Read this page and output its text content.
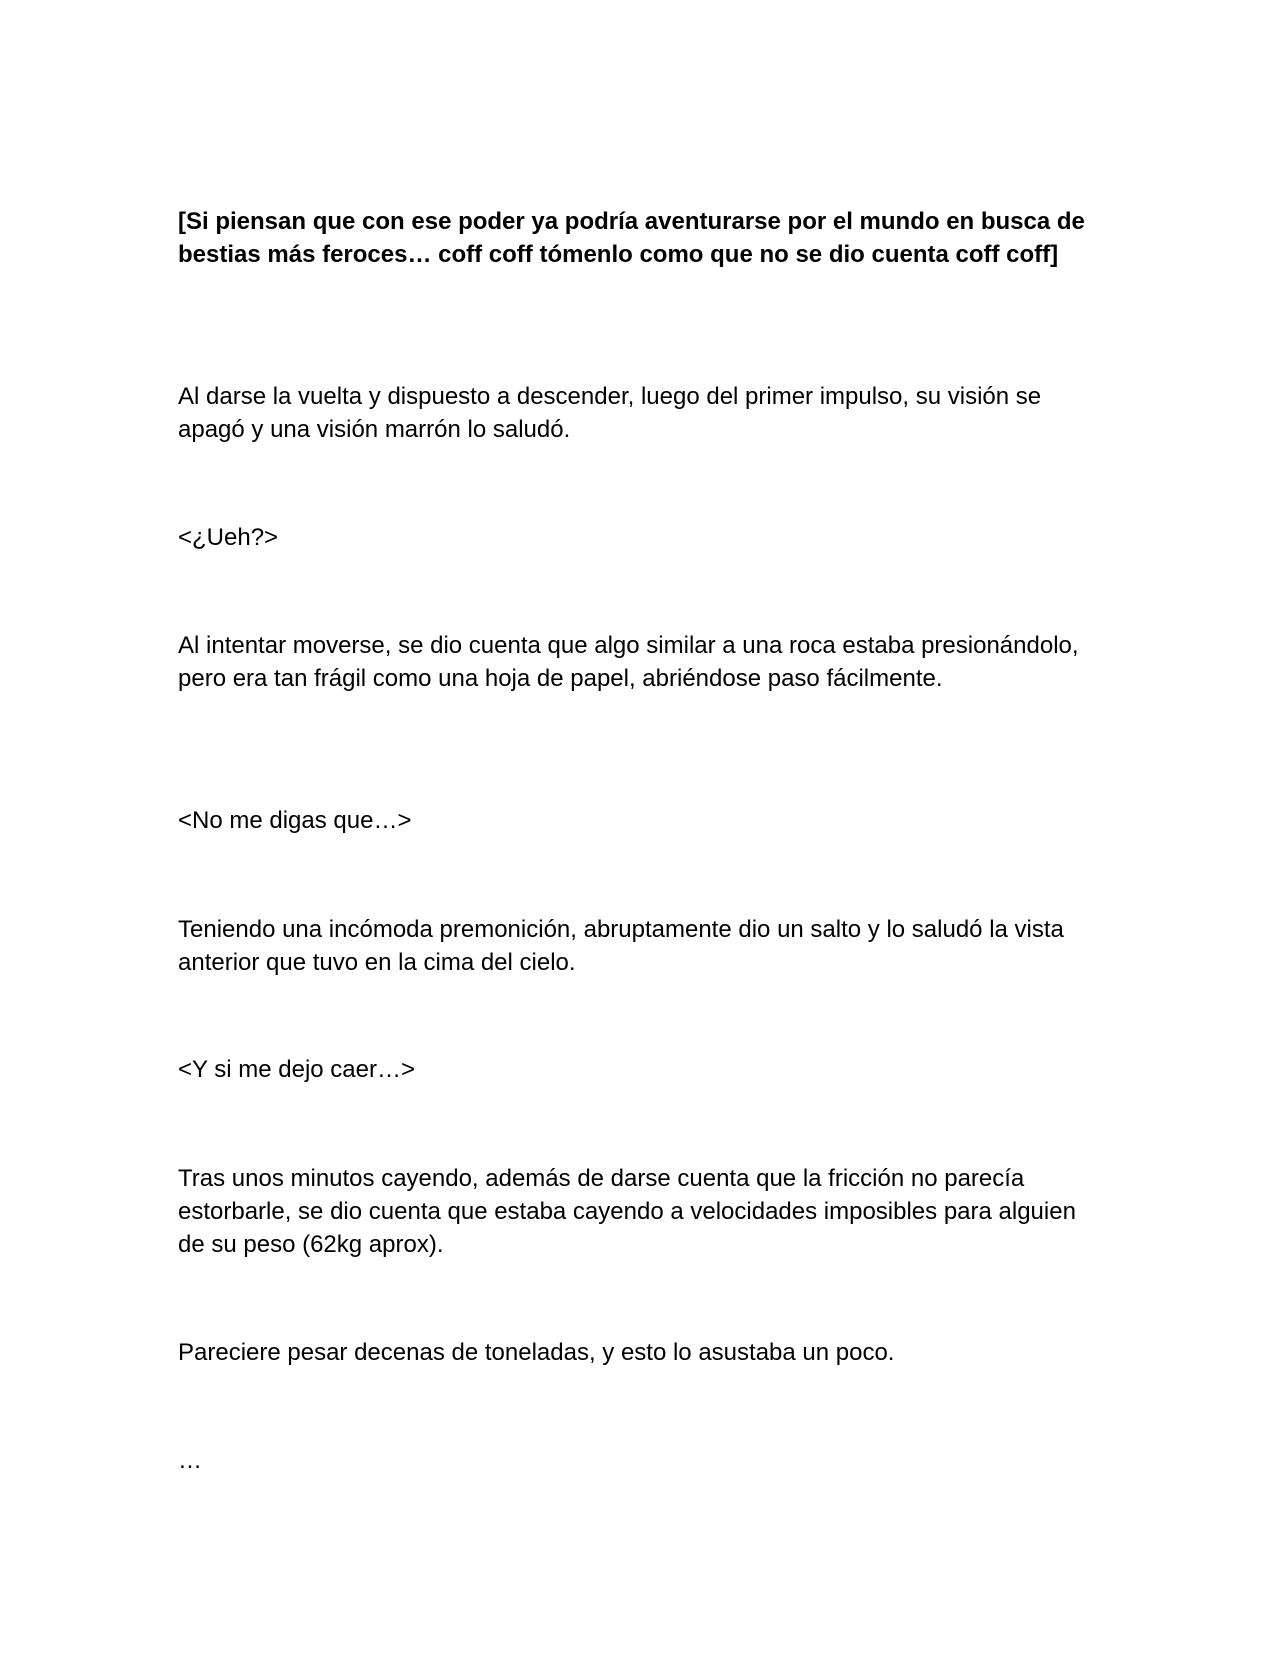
[Si piensan que con ese poder ya podría aventurarse por el mundo en busca de bestias más feroces… coff coff tómenlo como que no se dio cuenta coff coff]

Al darse la vuelta y dispuesto a descender, luego del primer impulso, su visión se apagó y una visión marrón lo saludó.

<¿Ueh?>

Al intentar moverse, se dio cuenta que algo similar a una roca estaba presionándolo, pero era tan frágil como una hoja de papel, abriéndose paso fácilmente.

<No me digas que…>

Teniendo una incómoda premonición, abruptamente dio un salto y lo saludó la vista anterior que tuvo en la cima del cielo.

<Y si me dejo caer…>

Tras unos minutos cayendo, además de darse cuenta que la fricción no parecía estorbarle, se dio cuenta que estaba cayendo a velocidades imposibles para alguien de su peso (62kg aprox).

Pareciere pesar decenas de toneladas, y esto lo asustaba un poco.

…
